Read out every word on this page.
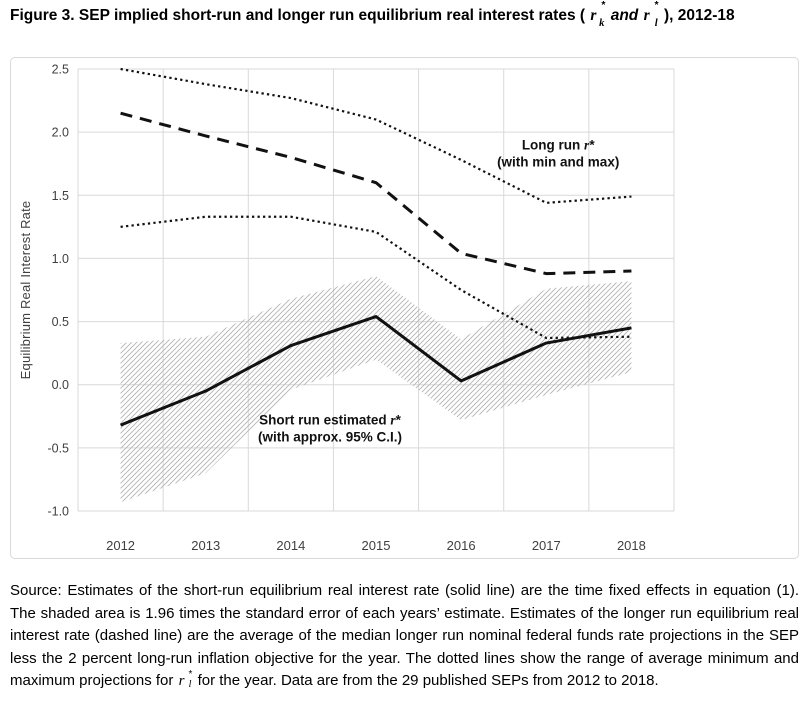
Figure 3. SEP implied short-run and longer run equilibrium real interest rates ( r
*
k and r
*
l ), 2012-18
Long run r*
(with min and max)
Short run estimated r*
(with approx. 95% C.I.)
2.5
2.0
1.5
1.0
0.5
0.0
-0.5
-1.0
2012	2013	2014	2015	2016	2017	2018
Equilibrium Real Interest Rate

Source: Estimates of the short-run equilibrium real interest rate (solid line) are the time fixed effects in equation (1). The shaded area is 1.96 times the standard error of each years’ estimate. Estimates of the longer run equilibrium real interest rate (dashed line) are the average of the median longer run nominal federal funds rate projections in the SEP less the 2 percent long-run inflation objective for the year. The dotted lines show the range of average minimum and maximum projections for r *
l for the year. Data are from the 29 published SEPs from 2012 to 2018.
